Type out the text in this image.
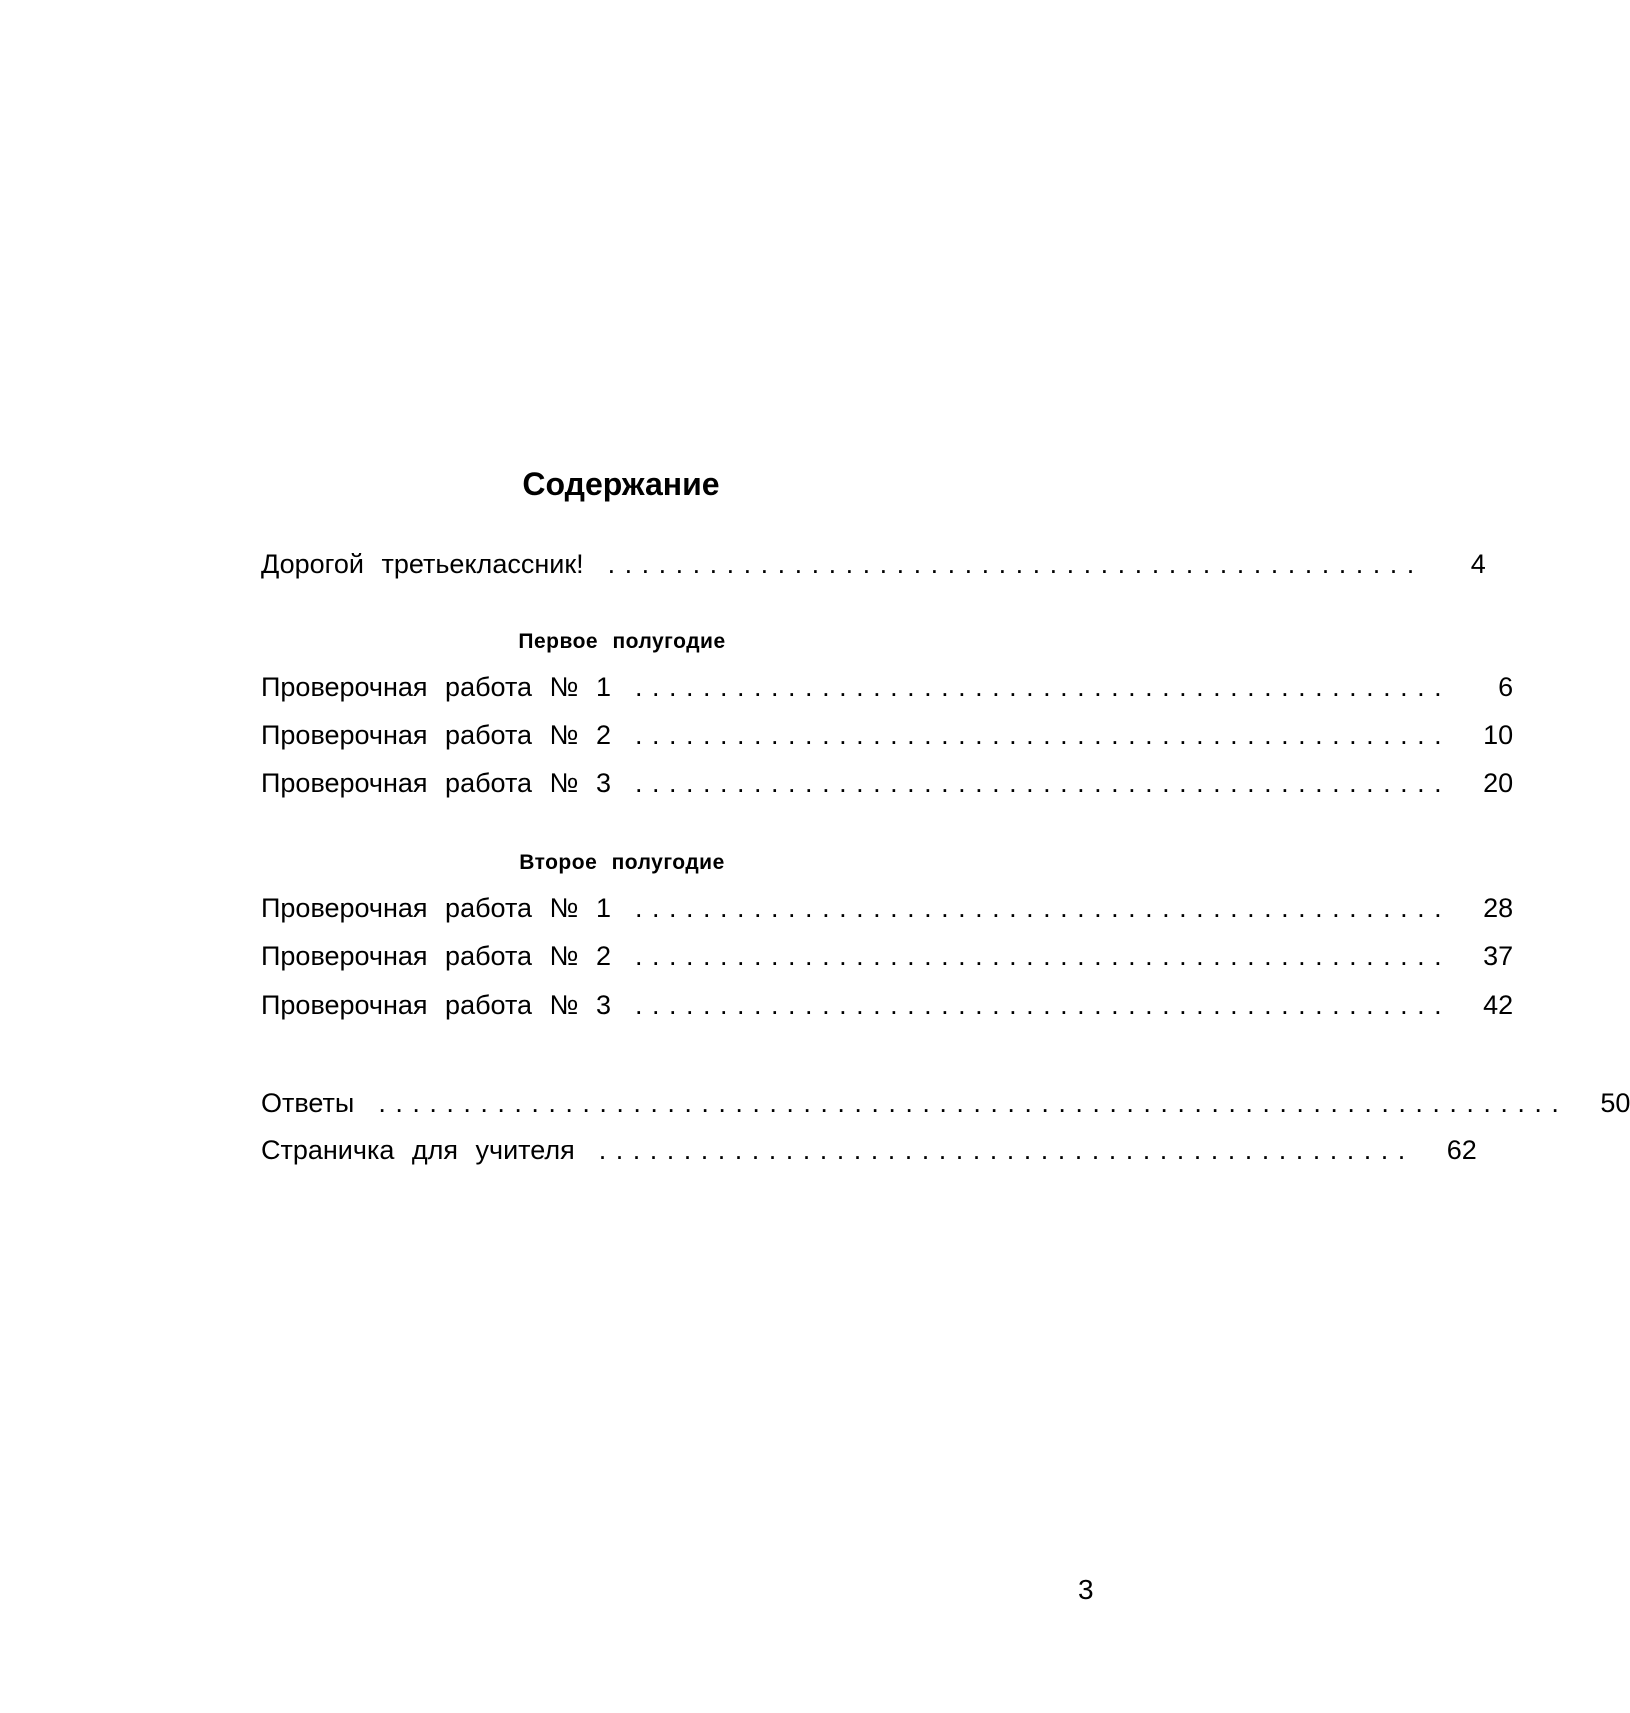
Содержание
Дорогой третьеклассник! ................................................	4
Первое полугодие
Проверочная работа № 1 ................................................	6
Проверочная работа № 2 ................................................ 10
Проверочная работа № 3 ................................................ 20
Второе полугодие
Проверочная работа № 1 ................................................ 28
Проверочная работа № 2 ................................................ 37
Проверочная работа № 3 ................................................ 42
Ответы ...................................................................... 50
Страничка для учителя ................................................ 62
3
